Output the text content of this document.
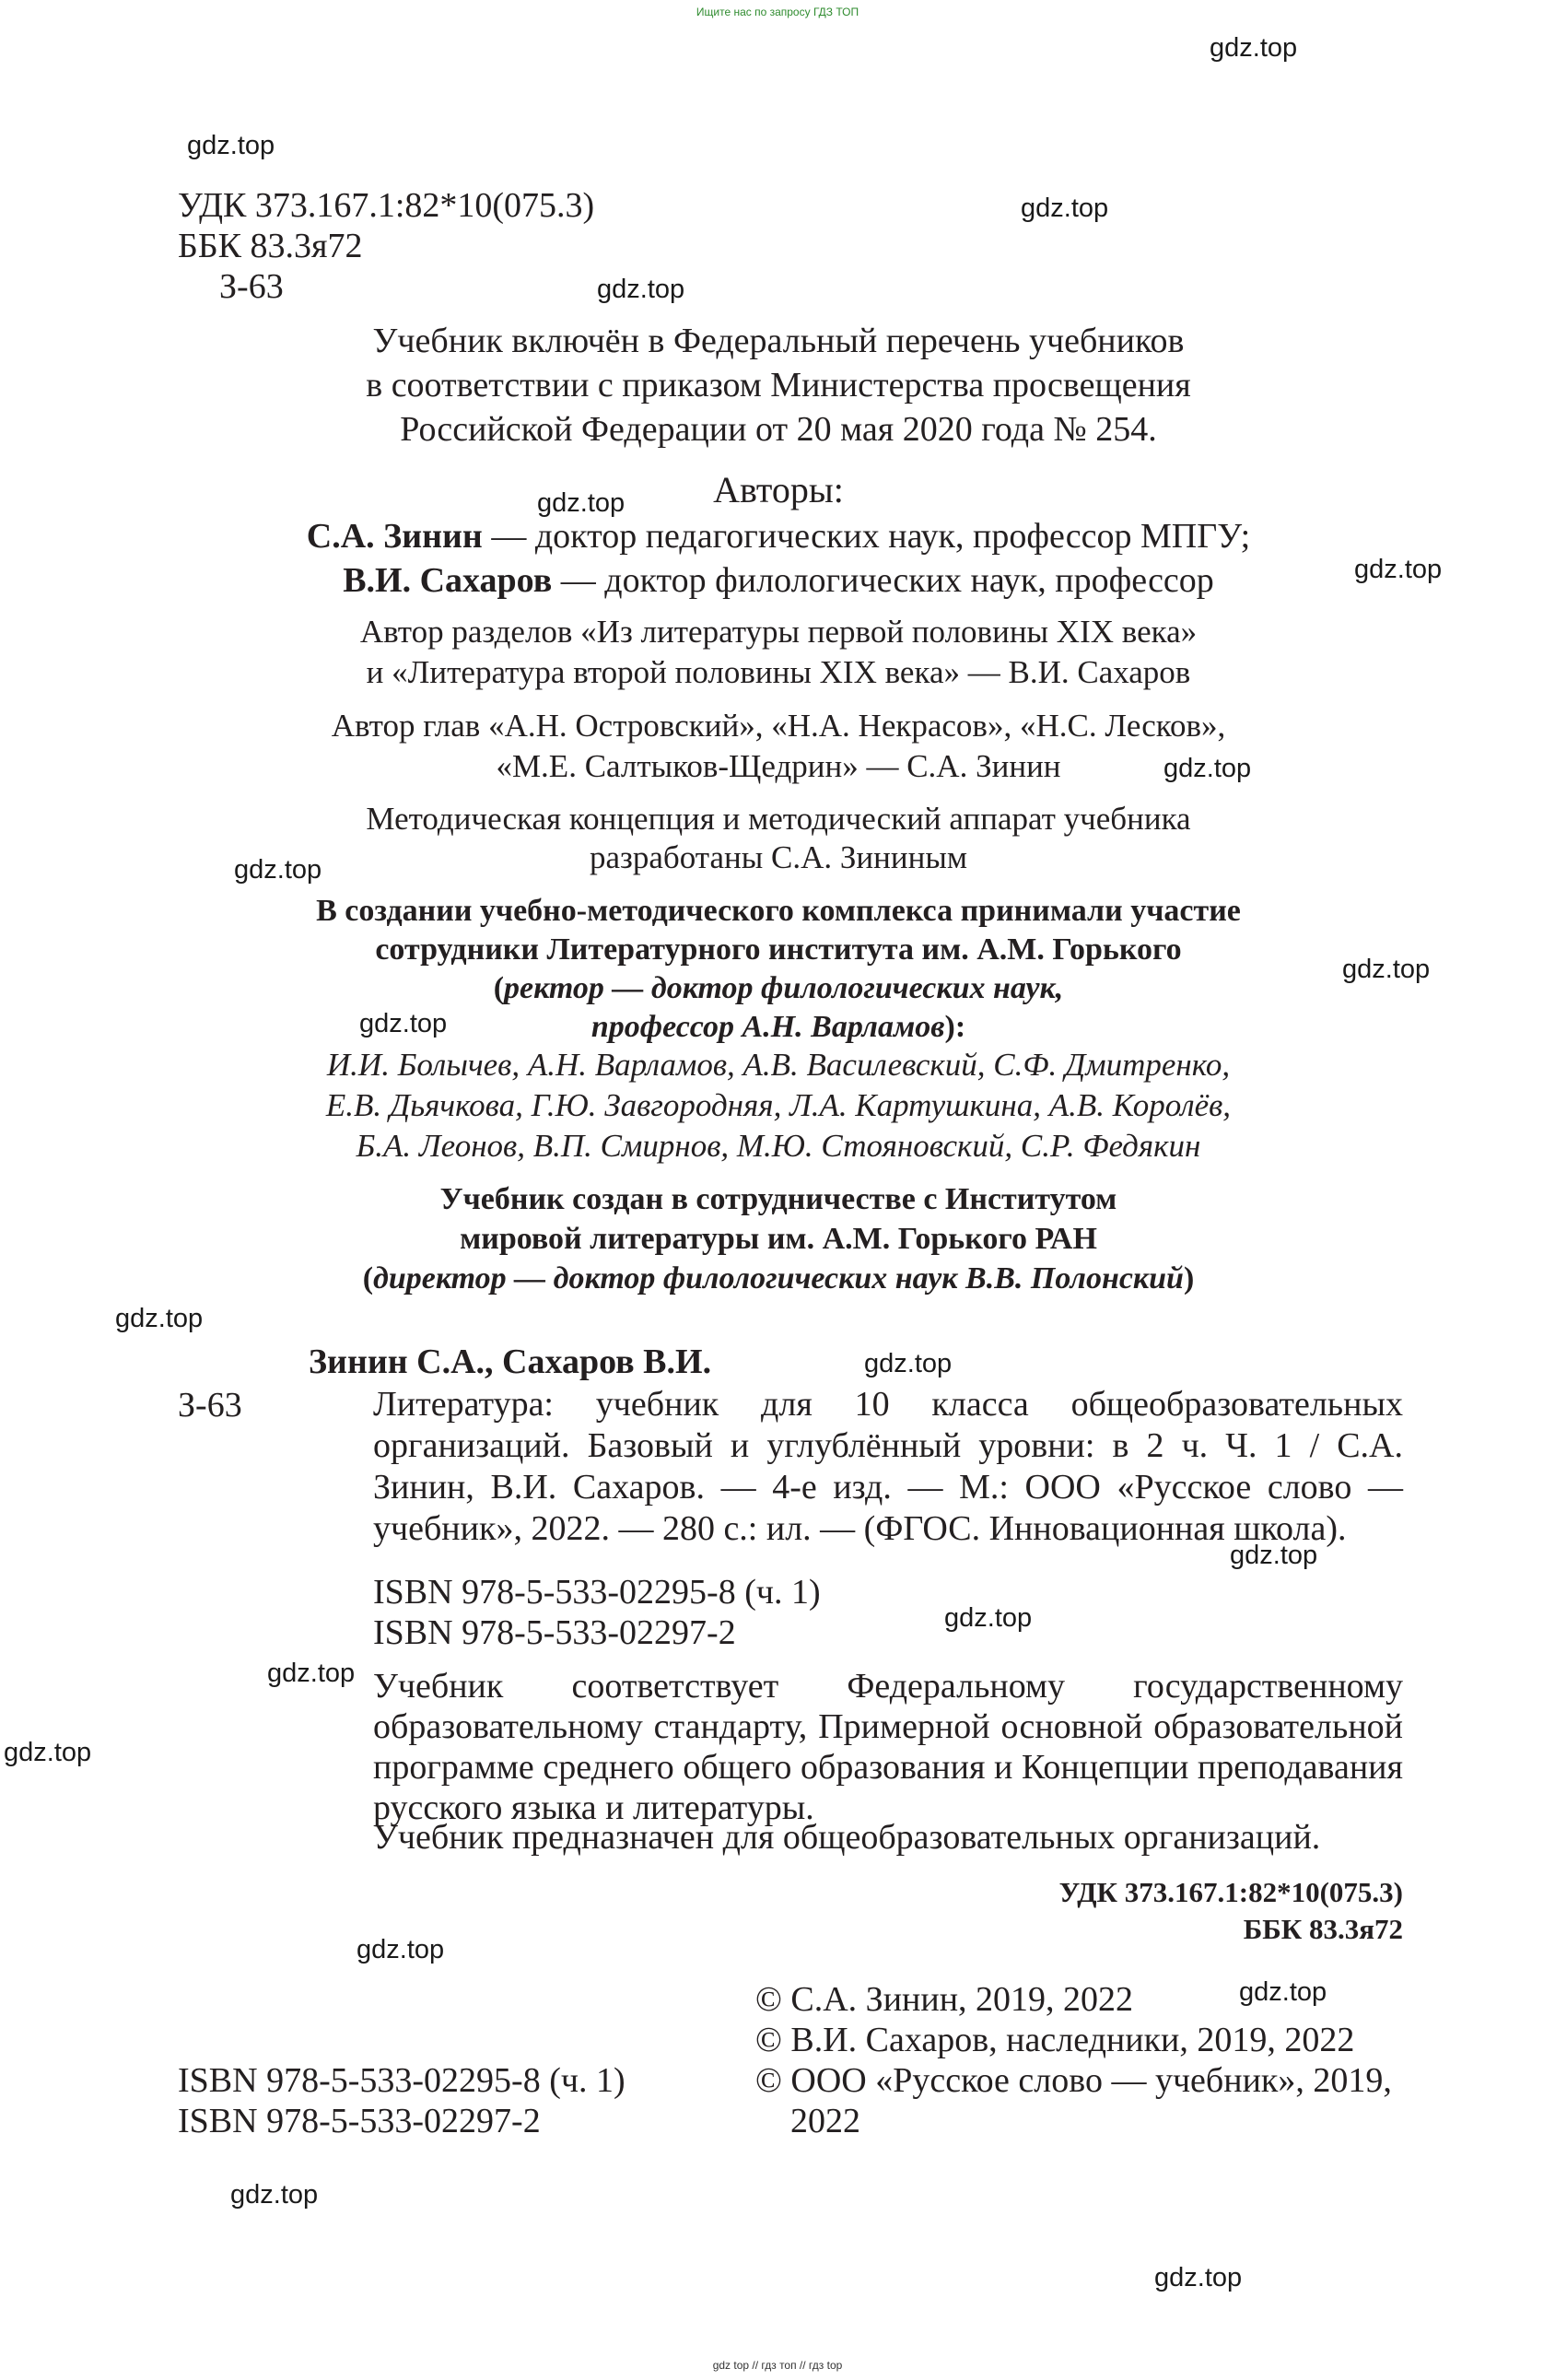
Ищите нас по запросу ГДЗ ТОП
gdz.top
gdz.top
gdz.top
gdz.top
gdz.top
gdz.top
gdz.top
gdz.top
gdz.top
gdz.top
gdz.top
gdz.top
gdz.top
gdz.top
gdz.top
gdz.top
gdz.top
gdz.top
gdz.top
gdz.top
УДК 373.167.1:82*10(075.3)
ББК 83.3я72
З-63
Учебник включён в Федеральный перечень учебников
в соответствии с приказом Министерства просвещения
Российской Федерации от 20 мая 2020 года № 254.
Авторы:
С.А. Зинин — доктор педагогических наук, профессор МПГУ;
В.И. Сахаров — доктор филологических наук, профессор
Автор разделов «Из литературы первой половины XIX века»
и «Литература второй половины XIX века» — В.И. Сахаров
Автор глав «А.Н. Островский», «Н.А. Некрасов», «Н.С. Лесков»,
«М.Е. Салтыков-Щедрин» — С.А. Зинин
Методическая концепция и методический аппарат учебника
разработаны С.А. Зининым
В создании учебно-методического комплекса принимали участие
сотрудники Литературного института им. А.М. Горького
(ректор — доктор филологических наук,
профессор А.Н. Варламов):
И.И. Болычев, А.Н. Варламов, А.В. Василевский, С.Ф. Дмитренко,
Е.В. Дьячкова, Г.Ю. Завгородняя, Л.А. Картушкина, А.В. Королёв,
Б.А. Леонов, В.П. Смирнов, М.Ю. Стояновский, С.Р. Федякин
Учебник создан в сотрудничестве с Институтом
мировой литературы им. А.М. Горького РАН
(директор — доктор филологических наук В.В. Полонский)
Зинин С.А., Сахаров В.И.
З-63	Литература: учебник для 10 класса общеобразовательных организаций. Базовый и углублённый уровни: в 2 ч. Ч. 1 / С.А. Зинин, В.И. Сахаров. — 4-е изд. — М.: ООО «Русское слово — учебник», 2022. — 280 с.: ил. — (ФГОС. Инновационная школа).
ISBN 978-5-533-02295-8 (ч. 1)
ISBN 978-5-533-02297-2
Учебник соответствует Федеральному государственному образовательному стандарту, Примерной основной образовательной программе среднего общего образования и Концепции преподавания русского языка и литературы.
Учебник предназначен для общеобразовательных организаций.
УДК 373.167.1:82*10(075.3)
ББК 83.3я72
© С.А. Зинин, 2019, 2022
© В.И. Сахаров, наследники, 2019, 2022
© ООО «Русское слово — учебник», 2019,
2022
ISBN 978-5-533-02295-8 (ч. 1)
ISBN 978-5-533-02297-2
gdz top // гдз топ // гдз top
